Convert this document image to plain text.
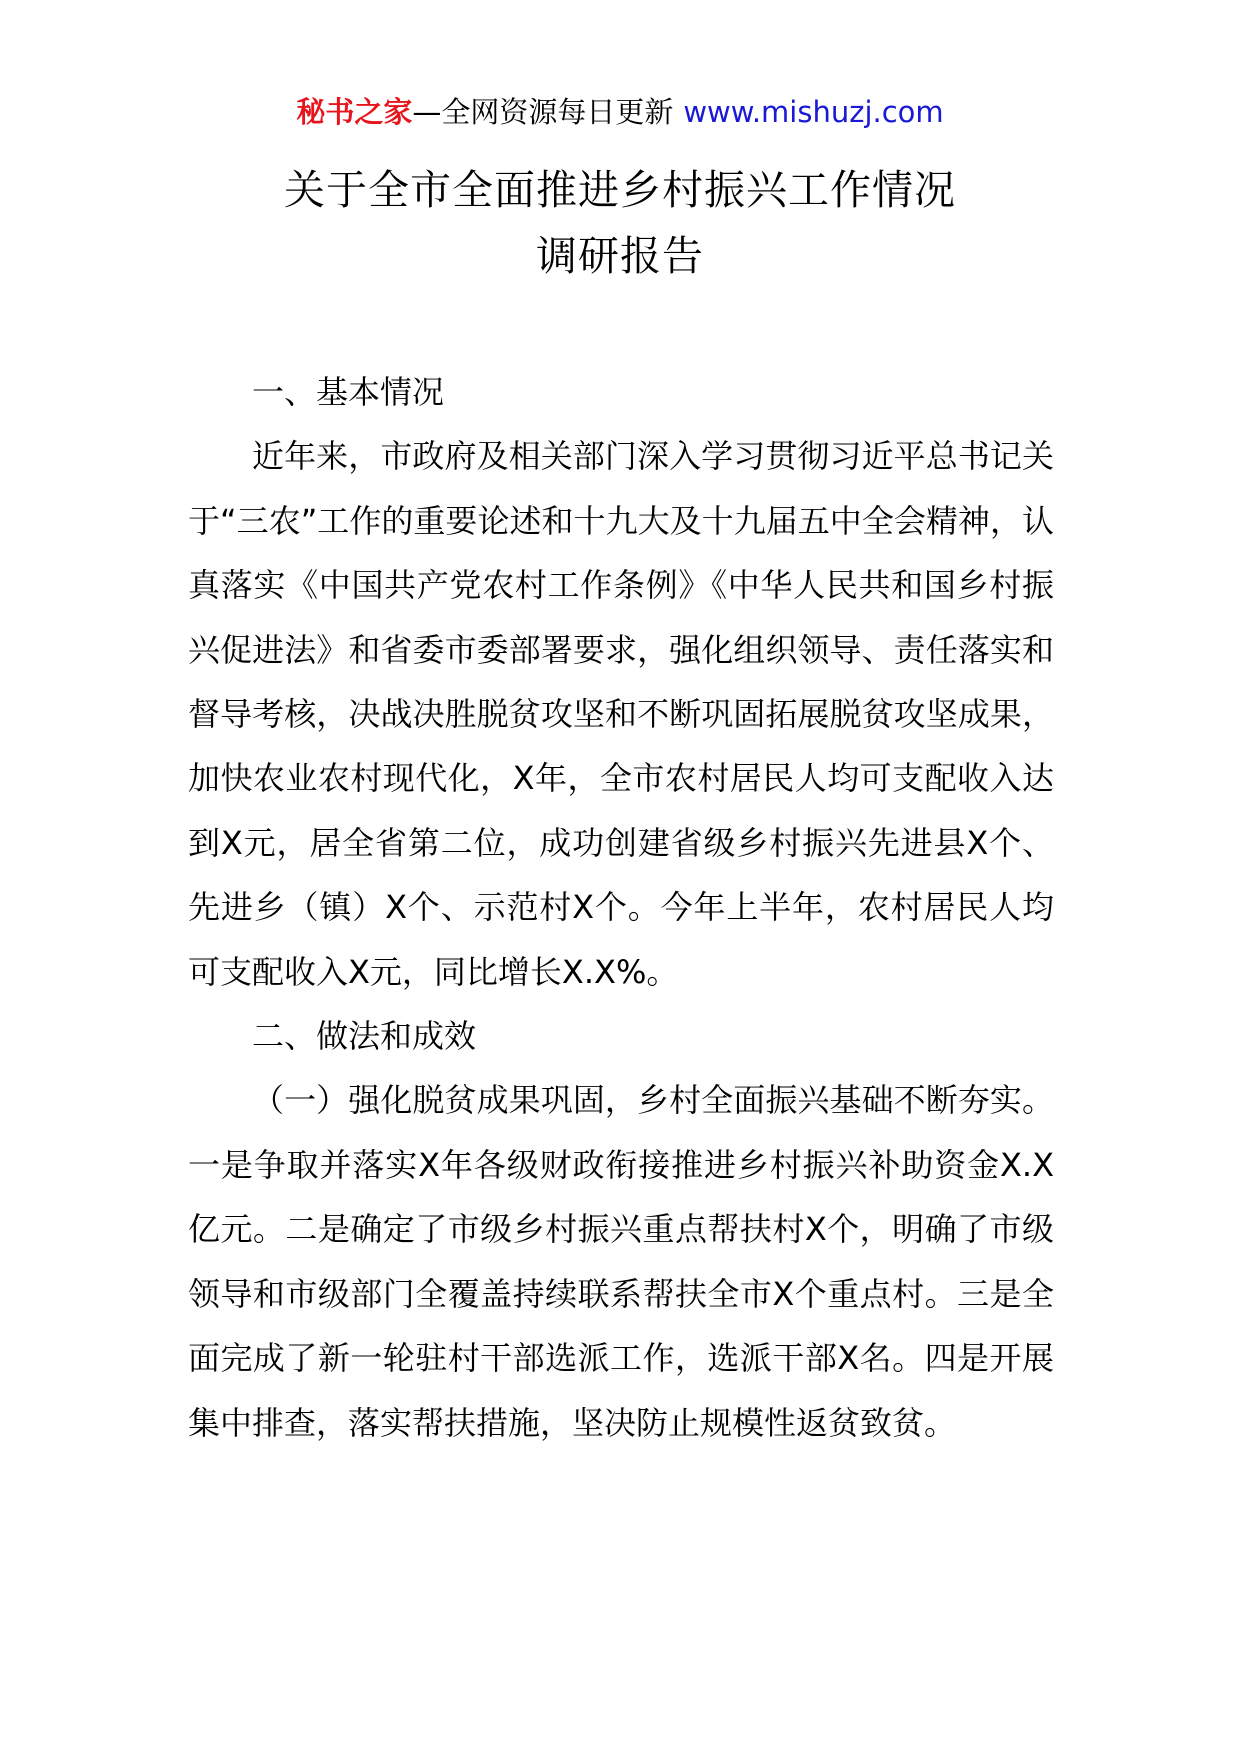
秘书之家—全网资源每日更新 www.mishuzj.com
关于全市全面推进乡村振兴工作情况
调研报告

一、基本情况

近年来，市政府及相关部门深入学习贯彻习近平总书记关于“三农”工作的重要论述和十九大及十九届五中全会精神，认真落实《中国共产党农村工作条例》《中华人民共和国乡村振兴促进法》和省委市委部署要求，强化组织领导、责任落实和督导考核，决战决胜脱贫攻坚和不断巩固拓展脱贫攻坚成果，加快农业农村现代化，X年，全市农村居民人均可支配收入达到X元，居全省第二位，成功创建省级乡村振兴先进县X个、先进乡（镇）X个、示范村X个。今年上半年，农村居民人均可支配收入X元，同比增长X.X%。

二、做法和成效

（一）强化脱贫成果巩固，乡村全面振兴基础不断夯实。一是争取并落实X年各级财政衔接推进乡村振兴补助资金X.X亿元。二是确定了市级乡村振兴重点帮扶村X个，明确了市级领导和市级部门全覆盖持续联系帮扶全市X个重点村。三是全面完成了新一轮驻村干部选派工作，选派干部X名。四是开展集中排查，落实帮扶措施，坚决防止规模性返贫致贫。
